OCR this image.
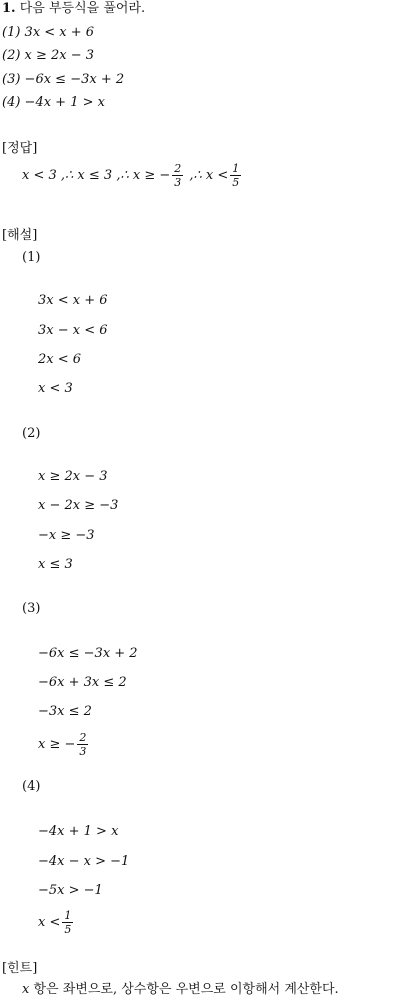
1. 다음 부등식을 풀어라.
(1) 3x < x + 6
(2) x ≥ 2x − 3
(3) −6x ≤ −3x + 2
(4) −4x + 1 > x
[정답]
x < 3 ,∴ x ≤ 3 ,∴ x ≥ − $\frac{2}{3}$ ,∴ $x < \frac{1}{5}$
[해설]
(1)
3x < x + 6
3x − x < 6
2x < 6
x < 3
(2)
x ≥ 2x − 3
x − 2x ≥ −3
−x ≥ −3
x ≤ 3
(3)
−6x ≤ −3x + 2
−6x + 3x ≤ 2
−3x ≤ 2
x ≥ − $\frac{2}{3}$
(4)
−4x + 1 > x
−4x − x > −1
−5x > −1
$x < \frac{1}{5}$
[힌트]
x 항은 좌변으로, 상수항은 우변으로 이항해서 계산한다.
